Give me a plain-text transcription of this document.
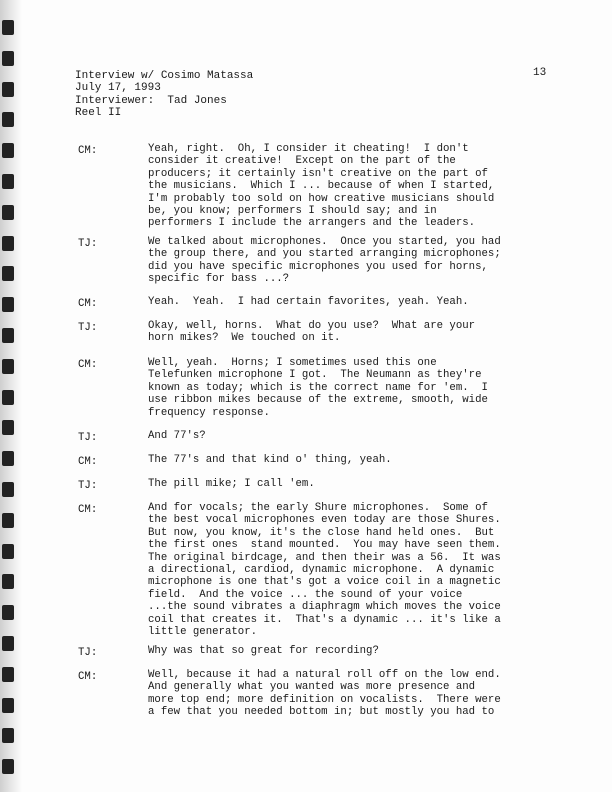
13
Interview w/ Cosimo Matassa
July 17, 1993
Interviewer:  Tad Jones
Reel II
CM:	Yeah, right.  Oh, I consider it cheating!  I don't
consider it creative!  Except on the part of the
producers; it certainly isn't creative on the part of
the musicians.  Which I ... because of when I started,
I'm probably too sold on how creative musicians should
be, you know; performers I should say; and in
performers I include the arrangers and the leaders.
TJ:	We talked about microphones.  Once you started, you had
the group there, and you started arranging microphones;
did you have specific microphones you used for horns,
specific for bass ...?
CM:	Yeah.  Yeah.  I had certain favorites, yeah. Yeah.
TJ:	Okay, well, horns.  What do you use?  What are your
horn mikes?  We touched on it.
CM:	Well, yeah.  Horns; I sometimes used this one
Telefunken microphone I got.  The Neumann as they're
known as today; which is the correct name for 'em.  I
use ribbon mikes because of the extreme, smooth, wide
frequency response.
TJ:	And 77's?
CM:	The 77's and that kind o' thing, yeah.
TJ:	The pill mike; I call 'em.
CM:	And for vocals; the early Shure microphones.  Some of
the best vocal microphones even today are those Shures.
But now, you know, it's the close hand held ones.  But
the first ones  stand mounted.  You may have seen them.
The original birdcage, and then their was a 56.  It was
a directional, cardiod, dynamic microphone.  A dynamic
microphone is one that's got a voice coil in a magnetic
field.  And the voice ... the sound of your voice
...the sound vibrates a diaphragm which moves the voice
coil that creates it.  That's a dynamic ... it's like a
little generator.
TJ:	Why was that so great for recording?
CM:	Well, because it had a natural roll off on the low end.
And generally what you wanted was more presence and
more top end; more definition on vocalists.  There were
a few that you needed bottom in; but mostly you had to
